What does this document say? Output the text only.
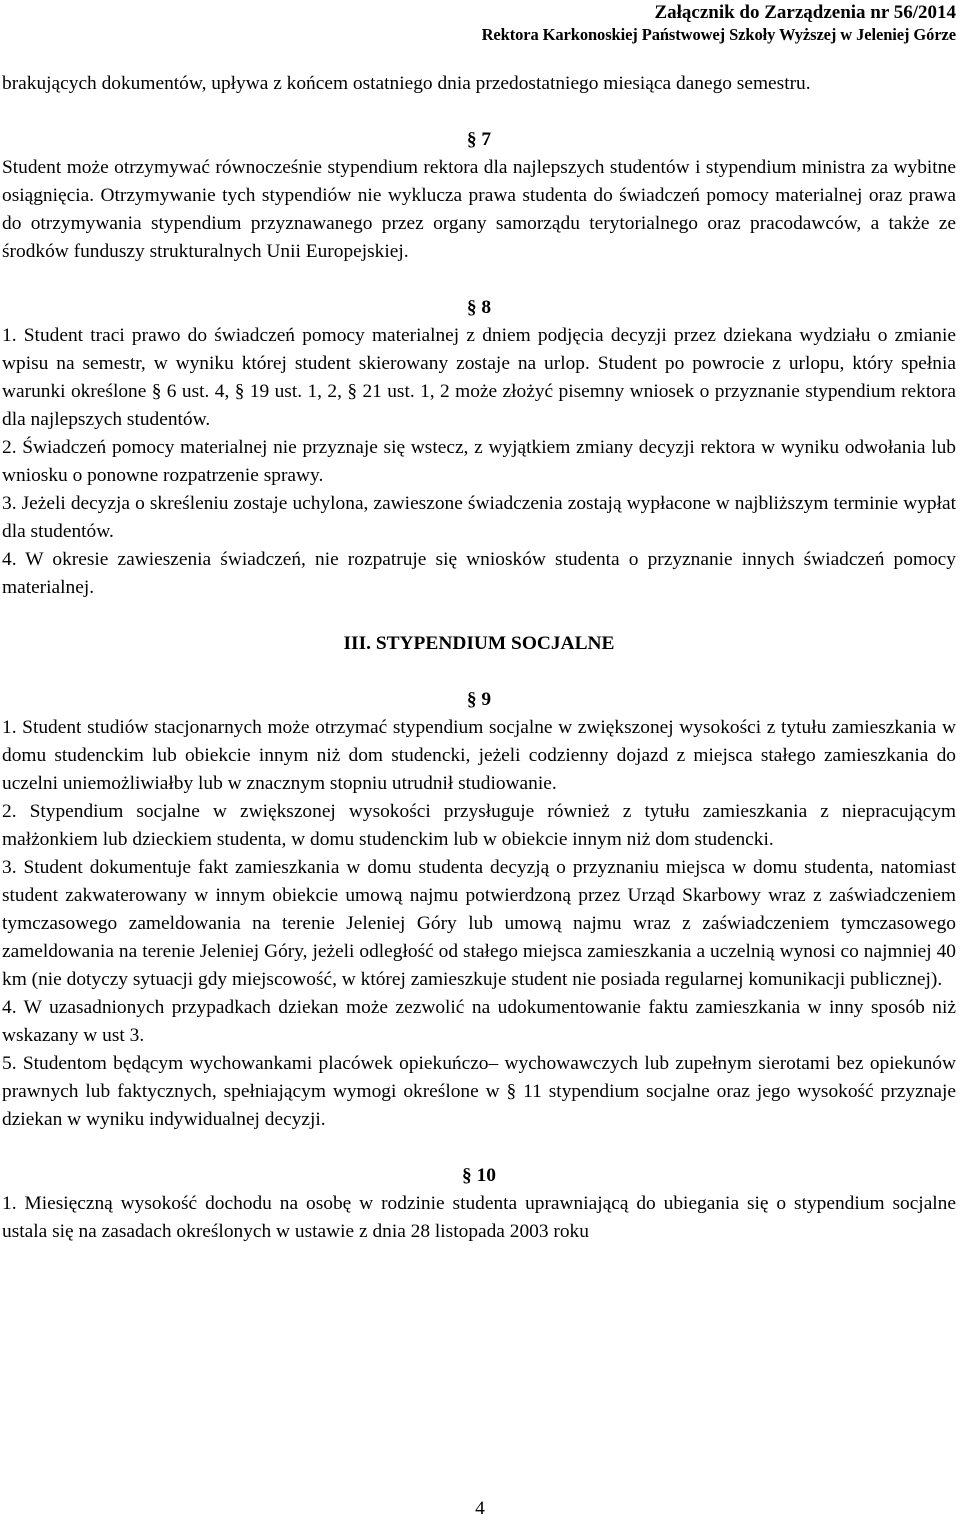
Załącznik do Zarządzenia nr 56/2014
Rektora Karkonoskiej Państwowej Szkoły Wyższej w Jeleniej Górze

brakujących dokumentów, upływa z końcem ostatniego dnia przedostatniego miesiąca danego semestru.

§ 7

Student może otrzymywać równocześnie stypendium rektora dla najlepszych studentów i stypendium ministra za wybitne osiągnięcia. Otrzymywanie tych stypendiów nie wyklucza prawa studenta do świadczeń pomocy materialnej oraz prawa do otrzymywania stypendium przyznawanego przez organy samorządu terytorialnego oraz pracodawców, a także ze środków funduszy strukturalnych Unii Europejskiej.

§ 8

1. Student traci prawo do świadczeń pomocy materialnej z dniem podjęcia decyzji przez dziekana wydziału o zmianie wpisu na semestr, w wyniku której student skierowany zostaje na urlop. Student po powrocie z urlopu, który spełnia warunki określone § 6 ust. 4, § 19 ust. 1, 2, § 21 ust. 1, 2 może złożyć pisemny wniosek o przyznanie stypendium rektora dla najlepszych studentów.

2. Świadczeń pomocy materialnej nie przyznaje się wstecz, z wyjątkiem zmiany decyzji rektora w wyniku odwołania lub wniosku o ponowne rozpatrzenie sprawy.

3. Jeżeli decyzja o skreśleniu zostaje uchylona, zawieszone świadczenia zostają wypłacone w najbliższym terminie wypłat dla studentów.

4. W okresie zawieszenia świadczeń, nie rozpatruje się wniosków studenta o przyznanie innych świadczeń pomocy materialnej.

III. STYPENDIUM SOCJALNE

§ 9

1. Student studiów stacjonarnych może otrzymać stypendium socjalne w zwiększonej wysokości z tytułu zamieszkania w domu studenckim lub obiekcie innym niż dom studencki, jeżeli codzienny dojazd z miejsca stałego zamieszkania do uczelni uniemożliwiałby lub w znacznym stopniu utrudnił studiowanie.

2. Stypendium socjalne w zwiększonej wysokości przysługuje również z tytułu zamieszkania z niepracującym małżonkiem lub dzieckiem studenta, w domu studenckim lub w obiekcie innym niż dom studencki.

3. Student dokumentuje fakt zamieszkania w domu studenta decyzją o przyznaniu miejsca w domu studenta, natomiast student zakwaterowany w innym obiekcie umową najmu potwierdzoną przez Urząd Skarbowy wraz z zaświadczeniem tymczasowego zameldowania na terenie Jeleniej Góry lub umową najmu wraz z zaświadczeniem tymczasowego zameldowania na terenie Jeleniej Góry, jeżeli odległość od stałego miejsca zamieszkania a uczelnią wynosi co najmniej 40 km (nie dotyczy sytuacji gdy miejscowość, w której zamieszkuje student nie posiada regularnej komunikacji publicznej).

4. W uzasadnionych przypadkach dziekan może zezwolić na udokumentowanie faktu zamieszkania w inny sposób niż wskazany w ust 3.

5. Studentom będącym wychowankami placówek opiekuńczo– wychowawczych lub zupełnym sierotami bez opiekunów prawnych lub faktycznych, spełniającym wymogi określone w § 11 stypendium socjalne oraz jego wysokość przyznaje dziekan w wyniku indywidualnej decyzji.

§ 10

1. Miesięczną wysokość dochodu na osobę w rodzinie studenta uprawniającą do ubiegania się o stypendium socjalne ustala się na zasadach określonych w ustawie z dnia 28 listopada 2003 roku

4
